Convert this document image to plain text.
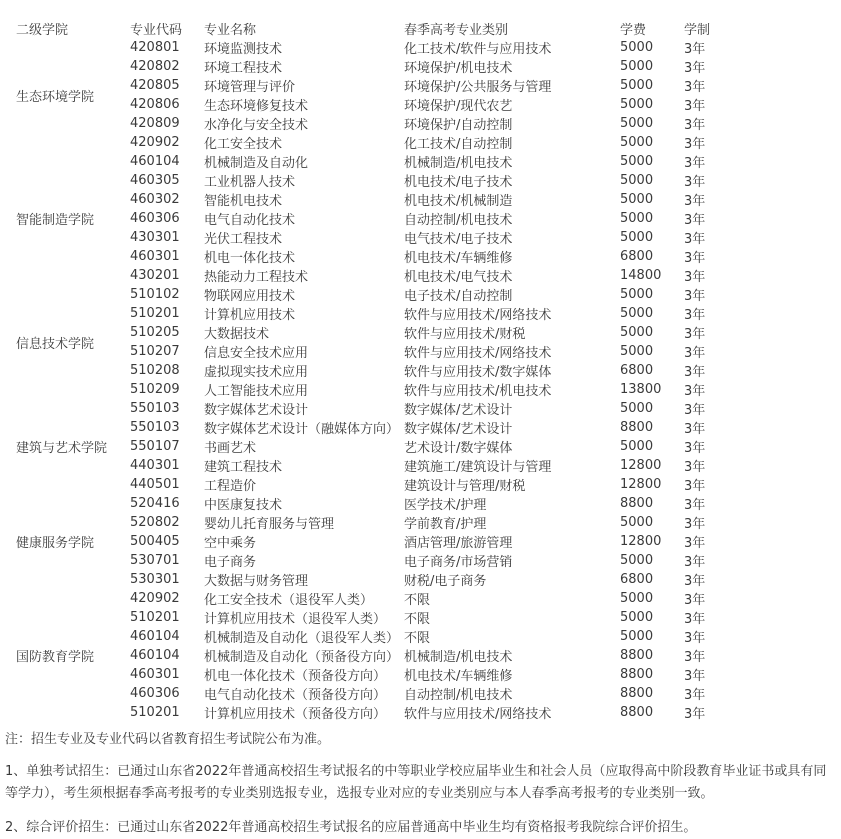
二级学院	专业代码	专业名称	春季高考专业类别	学费	学制
生态环境学院	420801	环境监测技术	化工技术/软件与应用技术	5000	3年
	420802	环境工程技术	环境保护/机电技术	5000	3年
	420805	环境管理与评价	环境保护/公共服务与管理	5000	3年
	420806	生态环境修复技术	环境保护/现代农艺	5000	3年
	420809	水净化与安全技术	环境保护/自动控制	5000	3年
	420902	化工安全技术	化工技术/自动控制	5000	3年
智能制造学院	460104	机械制造及自动化	机械制造/机电技术	5000	3年
	460305	工业机器人技术	机电技术/电子技术	5000	3年
	460302	智能机电技术	机电技术/机械制造	5000	3年
	460306	电气自动化技术	自动控制/机电技术	5000	3年
	430301	光伏工程技术	电气技术/电子技术	5000	3年
	460301	机电一体化技术	机电技术/车辆维修	6800	3年
	430201	热能动力工程技术	机电技术/电气技术	14800	3年
信息技术学院	510102	物联网应用技术	电子技术/自动控制	5000	3年
	510201	计算机应用技术	软件与应用技术/网络技术	5000	3年
	510205	大数据技术	软件与应用技术/财税	5000	3年
	510207	信息安全技术应用	软件与应用技术/网络技术	5000	3年
	510208	虚拟现实技术应用	软件与应用技术/数字媒体	6800	3年
	510209	人工智能技术应用	软件与应用技术/机电技术	13800	3年
建筑与艺术学院	550103	数字媒体艺术设计	数字媒体/艺术设计	5000	3年
	550103	数字媒体艺术设计（融媒体方向）	数字媒体/艺术设计	8800	3年
	550107	书画艺术	艺术设计/数字媒体	5000	3年
	440301	建筑工程技术	建筑施工/建筑设计与管理	12800	3年
	440501	工程造价	建筑设计与管理/财税	12800	3年
健康服务学院	520416	中医康复技术	医学技术/护理	8800	3年
	520802	婴幼儿托育服务与管理	学前教育/护理	5000	3年
	500405	空中乘务	酒店管理/旅游管理	12800	3年
	530701	电子商务	电子商务/市场营销	5000	3年
	530301	大数据与财务管理	财税/电子商务	6800	3年
国防教育学院	420902	化工安全技术（退役军人类）	不限	5000	3年
	510201	计算机应用技术（退役军人类）	不限	5000	3年
	460104	机械制造及自动化（退役军人类）	不限	5000	3年
	460104	机械制造及自动化（预备役方向）	机械制造/机电技术	8800	3年
	460301	机电一体化技术（预备役方向）	机电技术/车辆维修	8800	3年
	460306	电气自动化技术（预备役方向）	自动控制/机电技术	8800	3年
	510201	计算机应用技术（预备役方向）	软件与应用技术/网络技术	8800	3年

注：招生专业及专业代码以省教育招生考试院公布为准。

1、单独考试招生：已通过山东省2022年普通高校招生考试报名的中等职业学校应届毕业生和社会人员（应取得高中阶段教育毕业证书或具有同等学力），考生须根据春季高考报考的专业类别选报专业，选报专业对应的专业类别应与本人春季高考报考的专业类别一致。

2、综合评价招生：已通过山东省2022年普通高校招生考试报名的应届普通高中毕业生均有资格报考我院综合评价招生。
